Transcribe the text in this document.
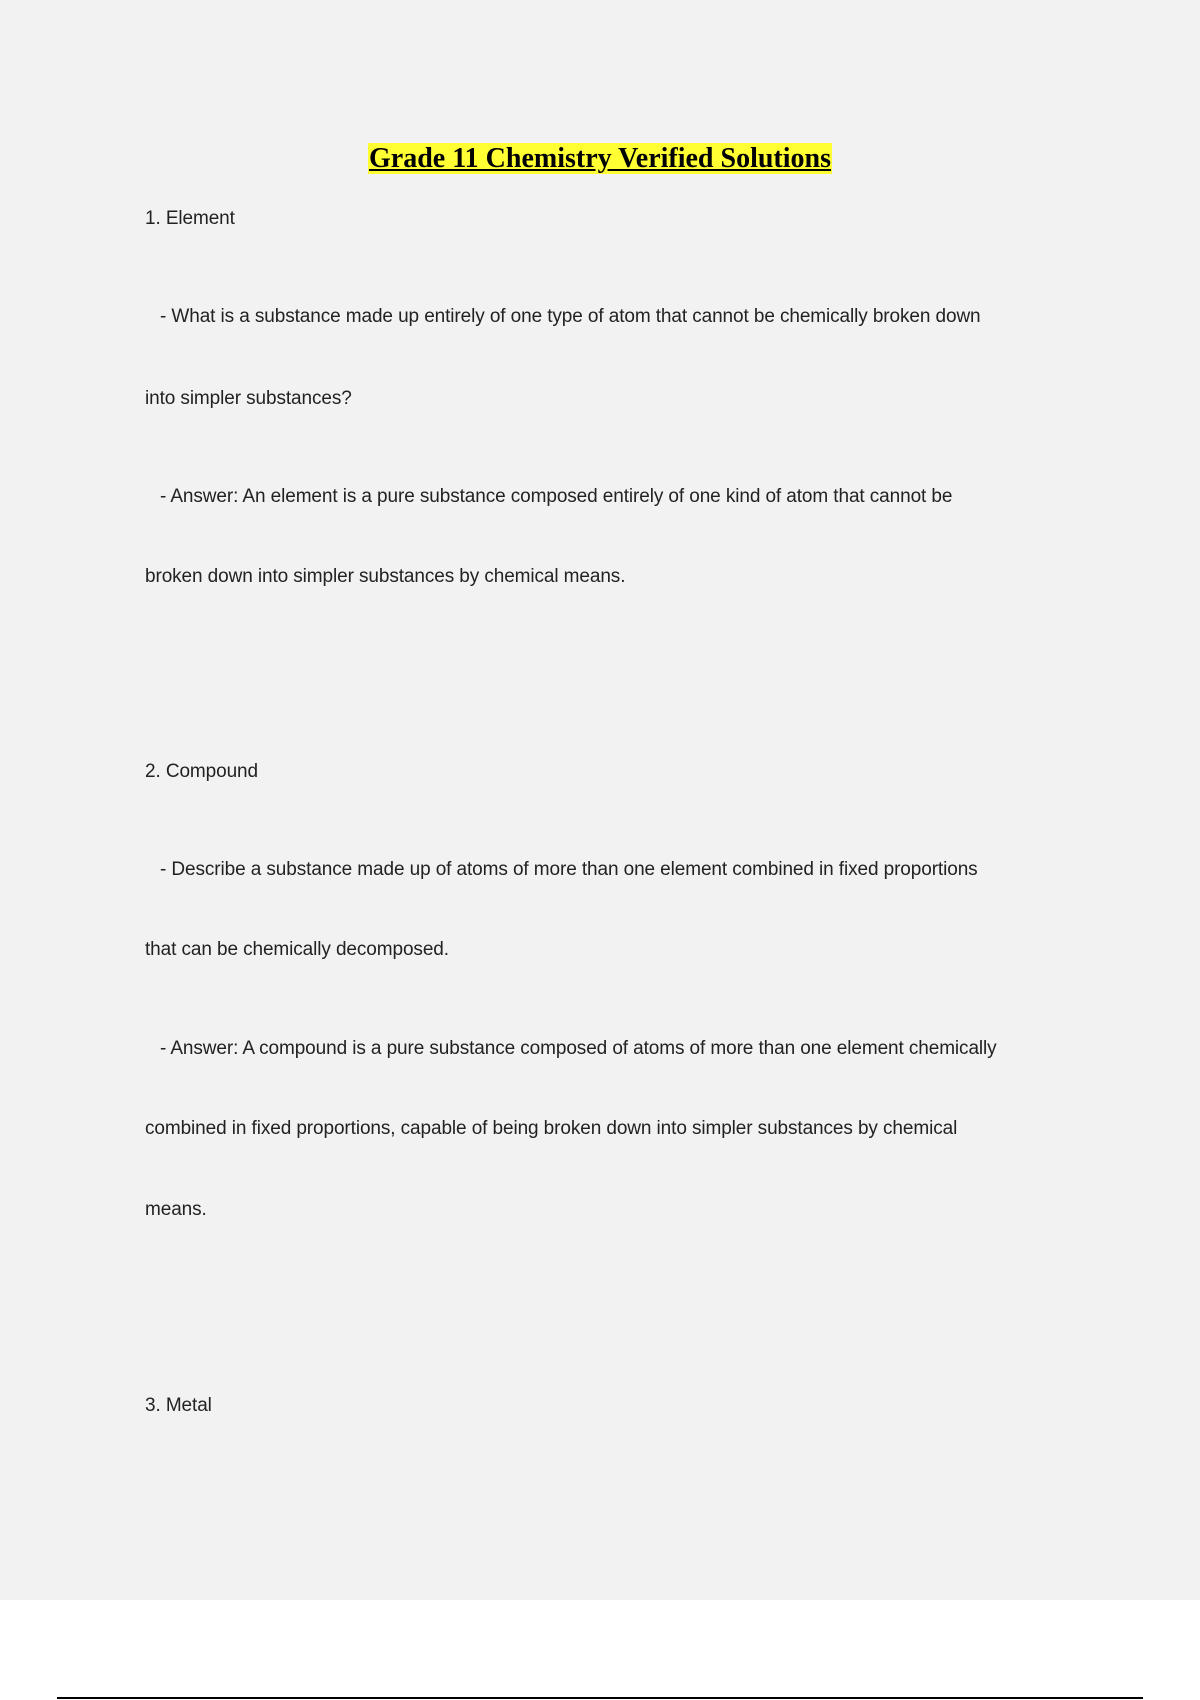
Grade 11 Chemistry Verified Solutions
1. Element
- What is a substance made up entirely of one type of atom that cannot be chemically broken down
into simpler substances?
- Answer: An element is a pure substance composed entirely of one kind of atom that cannot be
broken down into simpler substances by chemical means.
2. Compound
- Describe a substance made up of atoms of more than one element combined in fixed proportions
that can be chemically decomposed.
- Answer: A compound is a pure substance composed of atoms of more than one element chemically
combined in fixed proportions, capable of being broken down into simpler substances by chemical
means.
3. Metal
